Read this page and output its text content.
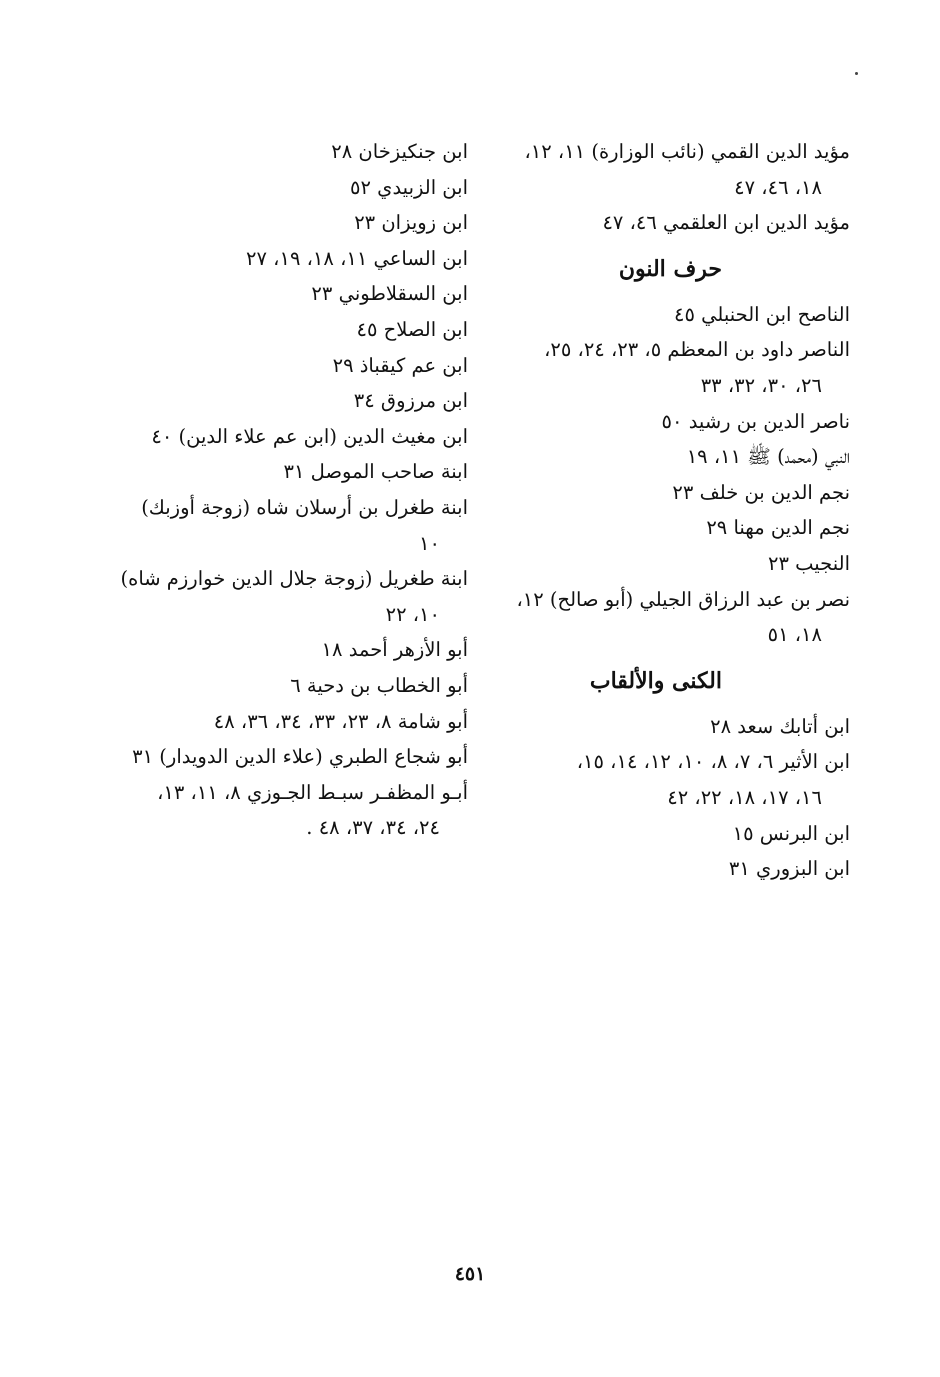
مؤيد الدين القمي (نائب الوزارة) ١١، ١٢،
١٨، ٤٦، ٤٧

مؤيد الدين ابن العلقمي ٤٦، ٤٧

حرف النون

الناصح ابن الحنبلي ٤٥

الناصر داود بن المعظم ٥، ٢٣، ٢٤، ٢٥،
٢٦، ٣٠، ٣٢، ٣٣

ناصر الدين بن رشيد ٥٠

النبي (محمد) ﷺ ١١، ١٩

نجم الدين بن خلف ٢٣

نجم الدين مهنا ٢٩

النجيب ٢٣

نصر بن عبد الرزاق الجيلي (أبو صالح) ١٢،
١٨، ٥١

الكنى والألقاب

ابن أتابك سعد ٢٨

ابن الأثير ٦، ٧، ٨، ١٠، ١٢، ١٤، ١٥،
١٦، ١٧، ١٨، ٢٢، ٤٢

ابن البرنس ١٥

ابن البزوري ٣١

ابن جنكيزخان ٢٨

ابن الزبيدي ٥٢

ابن زويزان ٢٣

ابن الساعي ١١، ١٨، ١٩، ٢٧

ابن السقلاطوني ٢٣

ابن الصلاح ٤٥

ابن عم كيقباذ ٢٩

ابن مرزوق ٣٤

ابن مغيث الدين (ابن عم علاء الدين) ٤٠

ابنة صاحب الموصل ٣١

ابنة طغرل بن أرسلان شاه (زوجة أوزبك)
١٠

ابنة طغريل (زوجة جلال الدين خوارزم شاه)
١٠، ٢٢

أبو الأزهر أحمد ١٨

أبو الخطاب بن دحية ٦

أبو شامة ٨، ٢٣، ٣٣، ٣٤، ٣٦، ٤٨

أبو شجاع الطبري (علاء الدين الدويدار) ٣١

أبـو المظفـر سبـط الجـوزي ٨، ١١، ١٣،
٢٤، ٣٤، ٣٧، ٤٨ .

٤٥١
